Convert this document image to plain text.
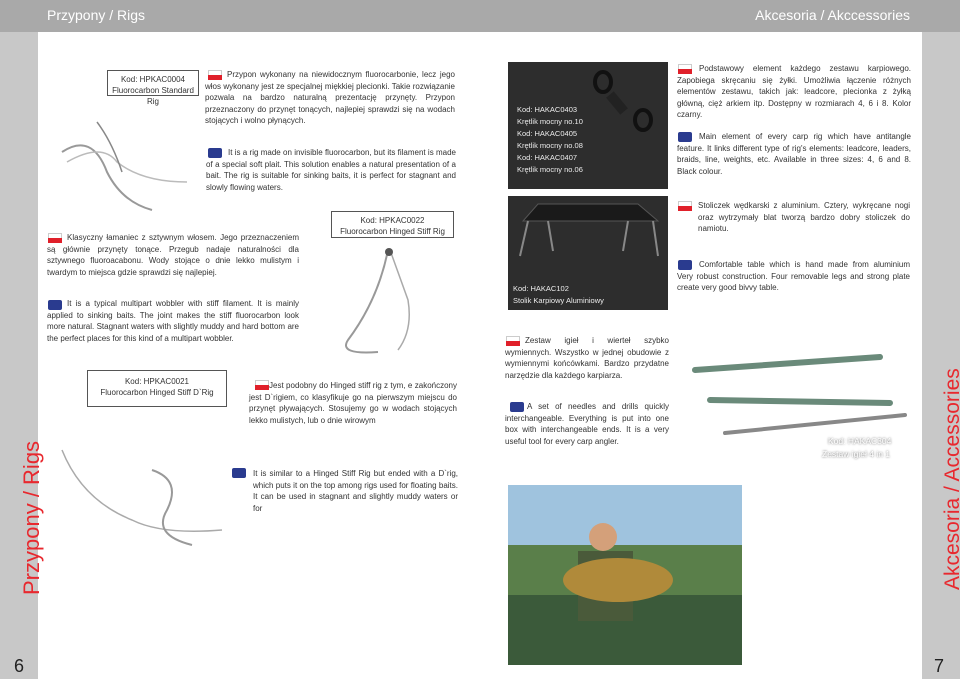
Przypony / Rigs	Akcesoria / Akccessories
Przypony / Rigs	Akcesoria / Accessories
6	7
Kod: HPKAC0004
Fluorocarbon Standard Rig
Przypon wykonany na niewidocznym fluorocarbonie, lecz jego włos wykonany jest ze specjalnej miękkiej plecionki. Takie rozwiązanie pozwala na bardzo naturalną prezentację przynęty. Przypon przeznaczony do przynęt tonących, najlepiej sprawdzi się na wodach stojących i wolno płynących.
It is a rig made on invisible fluorocarbon, but its filament is made of a special soft plait. This solution enables a natural presentation of a bait. The rig is suitable for sinking baits, it is perfect for stagnant and slowly flowing waters.
Kod: HPKAC0022
Fluorocarbon Hinged Stiff Rig
Klasyczny łamaniec z sztywnym włosem. Jego przeznaczeniem są głównie przynęty tonące. Przegub nadaje naturalności dla sztywnego fluoroacabonu. Wody stojące o dnie lekko mulistym i twardym to miejsca gdzie sprawdzi się najlepiej.
It is a typical multipart wobbler with stiff filament. It is mainly applied to sinking baits. The joint makes the stiff fluorocarbon look more natural. Stagnant waters with slightly muddy and hard bottom are the perfect places for this kind of a multipart wobbler.
Kod: HPKAC0021
Fluorocarbon Hinged Stiff D`Rig
Jest podobny do Hinged stiff rig z tym, e zakończony jest D`rigiem, co klasyfikuje go na pierwszym miejscu do przynęt pływających. Stosujemy go w wodach stojących lekko mulistych, lub o dnie wirowym
It is similar to a Hinged Stiff Rig but ended with a D`rig, which puts it on the top among rigs used for floating baits. It can be used in stagnant and slightly muddy waters or for
Kod: HAKAC0403
Krętlik mocny no.10
Kod: HAKAC0405
Krętlik mocny no.08
Kod: HAKAC0407
Krętlik mocny no.06
Podstawowy element każdego zestawu karpiowego. Zapobiega skręcaniu się żyłki. Umożliwia łączenie różnych elementów zestawu, takich jak: leadcore, plecionka z żyłką główną, cięż arkiem itp. Dostępny w rozmiarach 4, 6 i 8. Kolor czarny.
Main element of every carp rig which have antitangle feature. It links different type of rig's elements: leadcore, leaders, braids, line, weights, etc. Available in three sizes: 4, 6 and 8. Black colour.
Kod: HAKAC102
Stolik Karpiowy Aluminiowy
Stoliczek wędkarski z aluminium. Cztery, wykręcane nogi oraz wytrzymały blat tworzą bardzo dobry stoliczek do namiotu.
Comfortable table which is hand made from aluminium Very robust construction. Four removable legs and strong plate create very good bivvy table.
Zestaw igieł i wierteł szybko wymiennych. Wszystko w jednej obudowie z wymiennymi końcówkami. Bardzo przydatne narzędzie dla każdego karpiarza.
A set of needles and drills quickly interchangeable. Everything is put into one box with interchangeable ends. It is a very useful tool for every carp angler.	Kod: HAKAC304
Zestaw igieł 4 in 1
